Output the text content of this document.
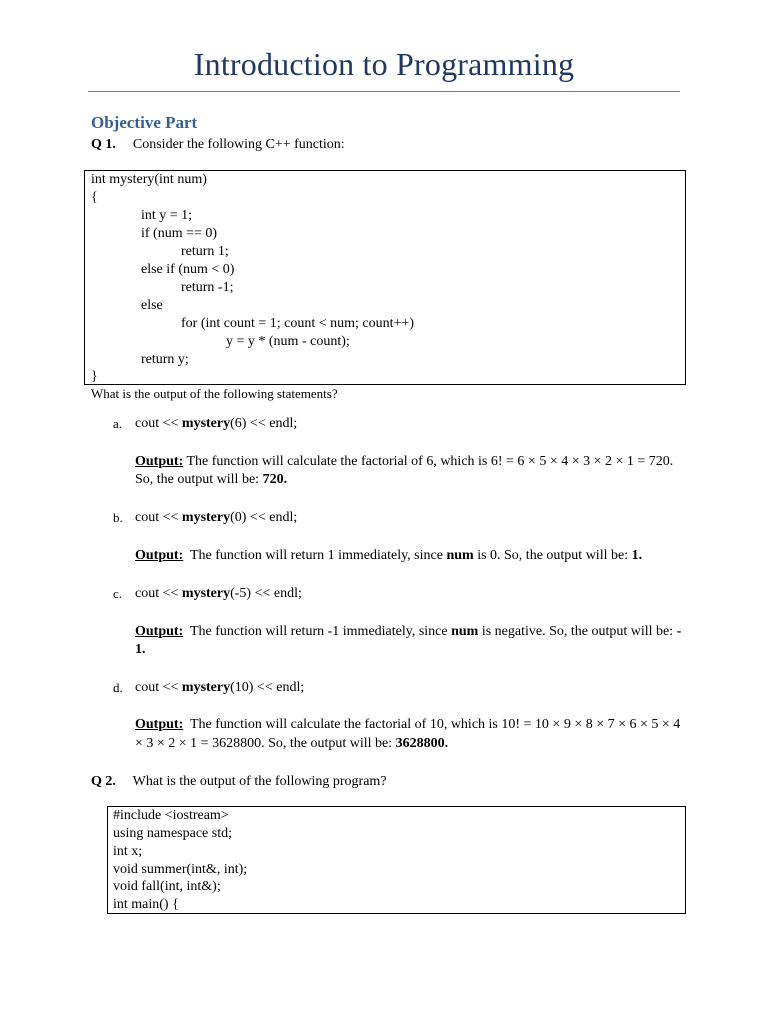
Introduction to Programming
Objective Part
Q 1. Consider the following C++ function:
int mystery(int num)
{
int y = 1;
if (num == 0)
return 1;
else if (num < 0)
return -1;
else
for (int count = 1; count < num; count++)
y = y * (num - count);
return y;
}
What is the output of the following statements?
a. cout << mystery(6) << endl;
Output: The function will calculate the factorial of 6, which is 6! = 6 × 5 × 4 × 3 × 2 × 1 = 720.
So, the output will be: 720.
b. cout << mystery(0) << endl;
Output:  The function will return 1 immediately, since num is 0. So, the output will be: 1.
c. cout << mystery(-5) << endl;
Output:  The function will return -1 immediately, since num is negative. So, the output will be: -
1.
d. cout << mystery(10) << endl;
Output:  The function will calculate the factorial of 10, which is 10! = 10 × 9 × 8 × 7 × 6 × 5 × 4
× 3 × 2 × 1 = 3628800. So, the output will be: 3628800.
Q 2. What is the output of the following program?
#include <iostream>
using namespace std;
int x;
void summer(int&, int);
void fall(int, int&);
int main() {
